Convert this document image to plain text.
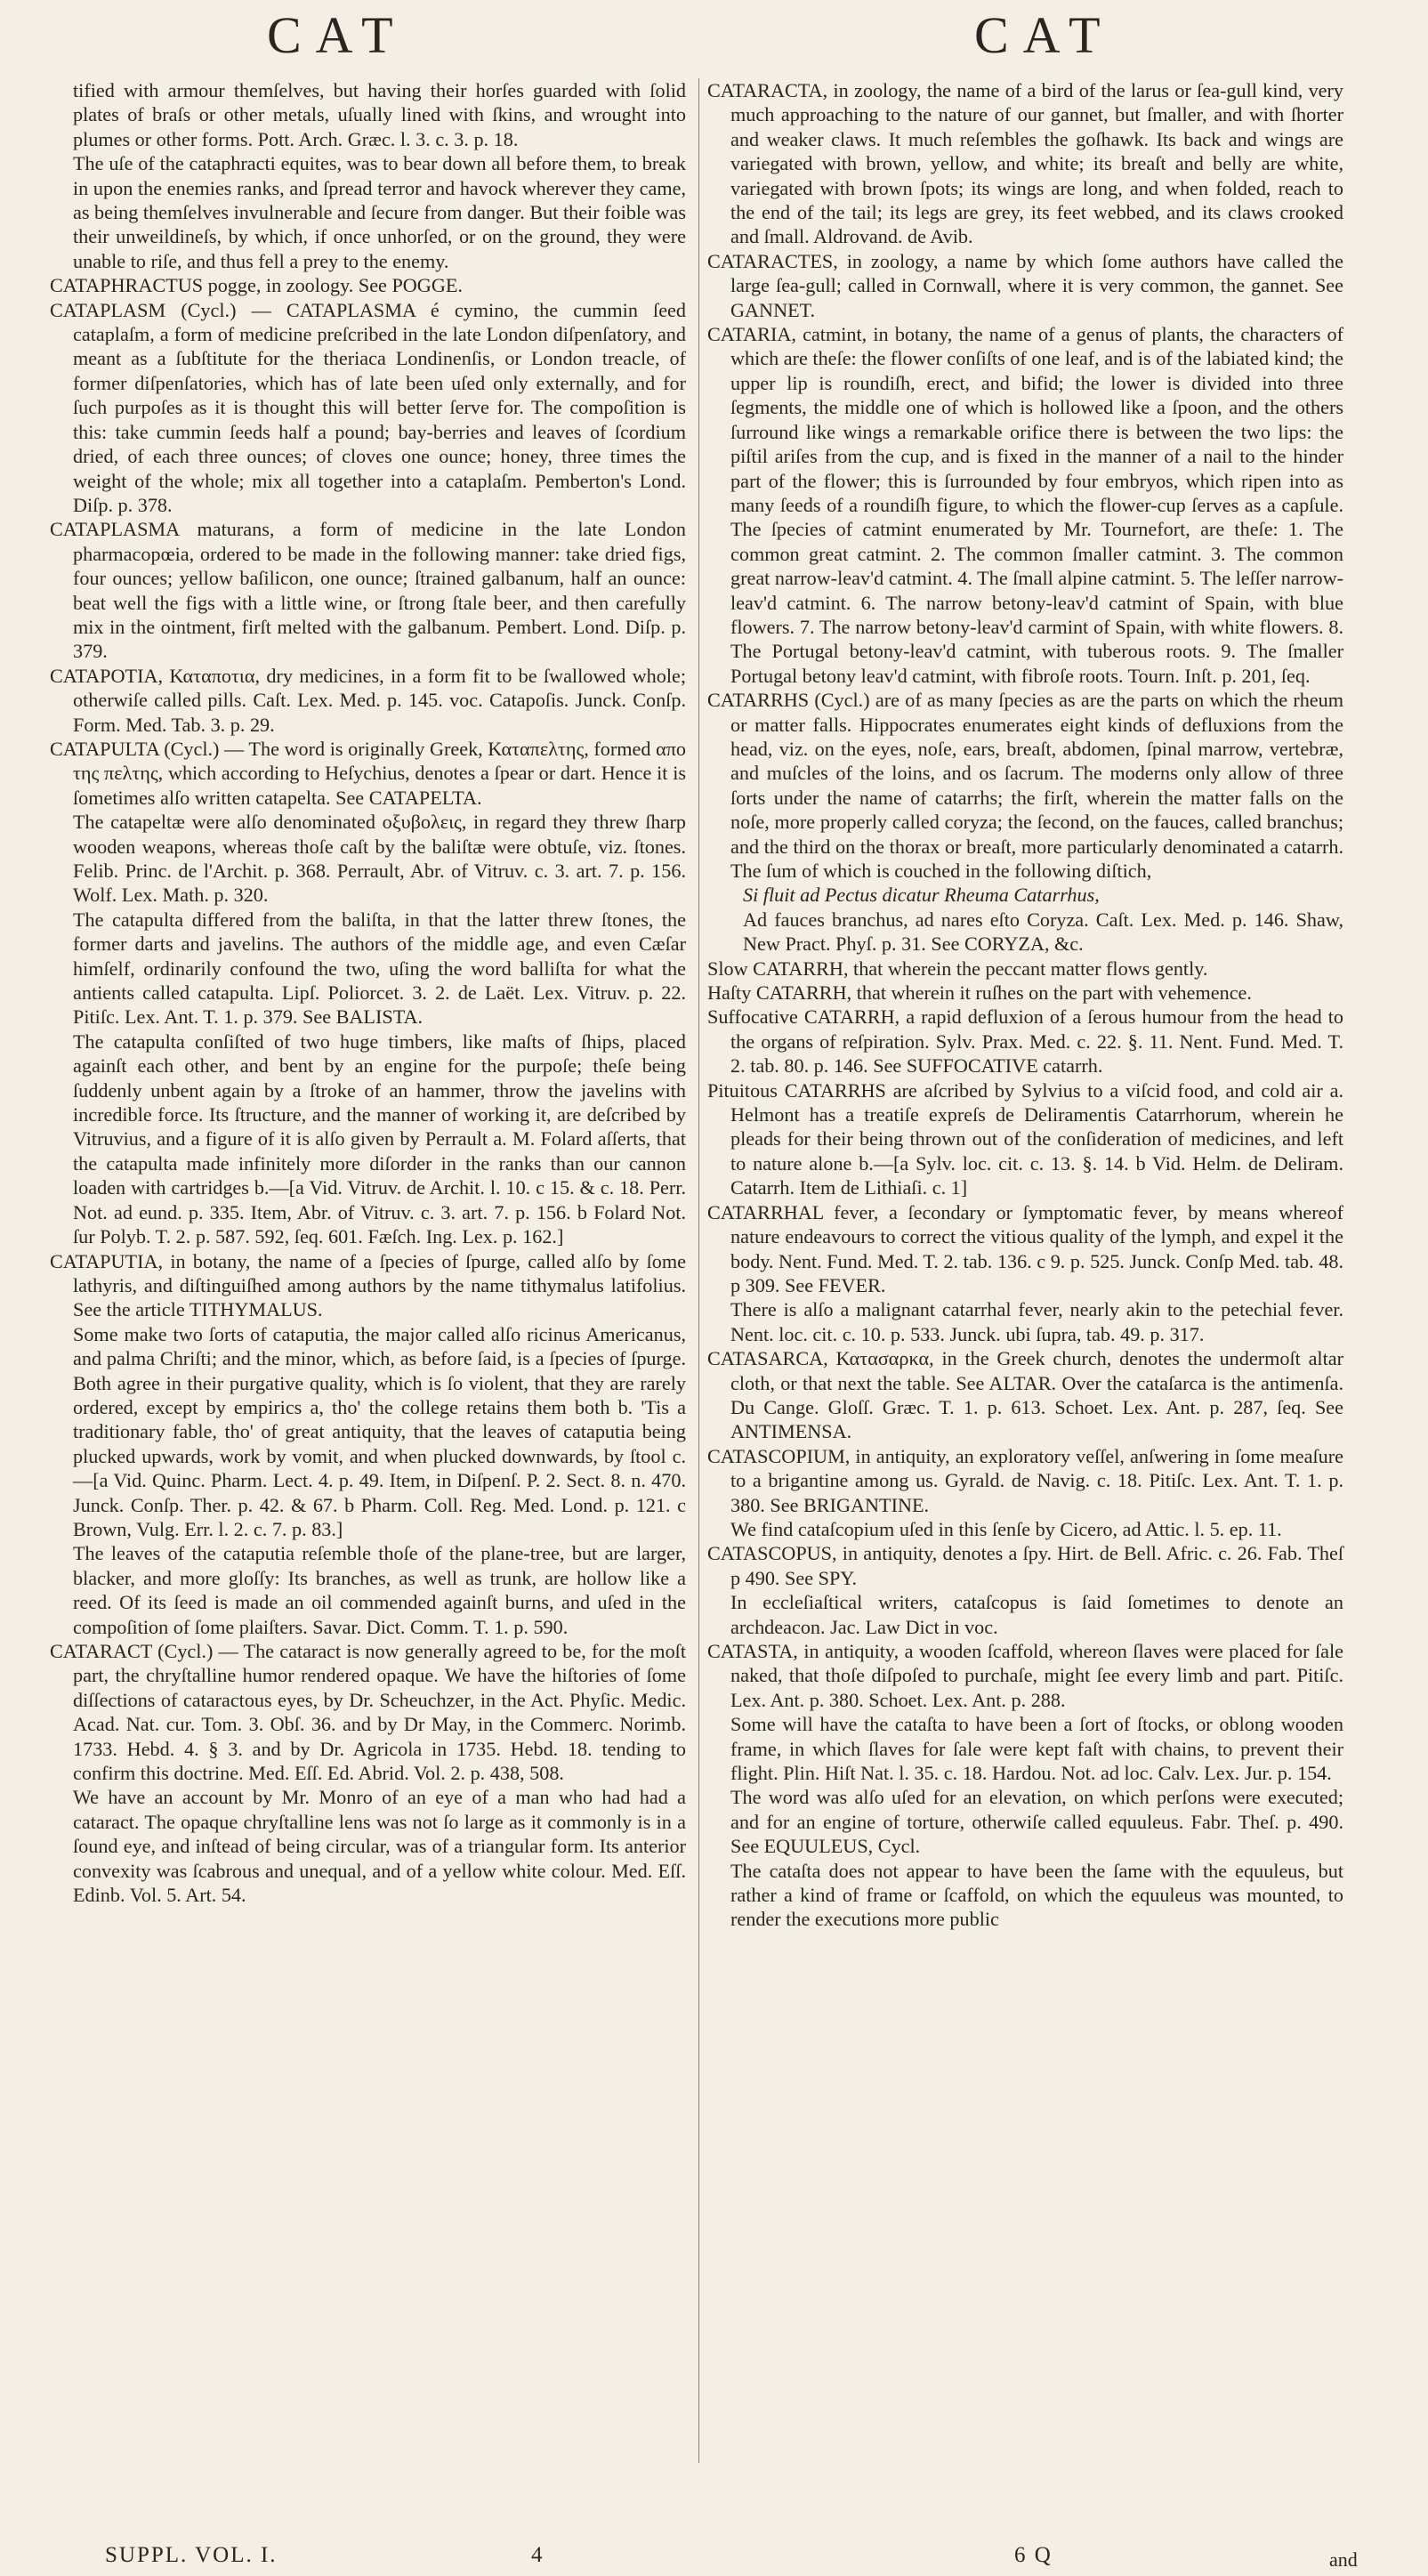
CAT	CAT

tified with armour themſelves, but having their horſes guarded with ſolid plates of braſs or other metals, uſually lined with ſkins, and wrought into plumes or other forms. Pott. Arch. Græc. l. 3. c. 3. p. 18.

The uſe of the cataphracti equites, was to bear down all before them, to break in upon the enemies ranks, and ſpread terror and havock wherever they came, as being themſelves invulnerable and ſecure from danger. But their foible was their unweildineſs, by which, if once unhorſed, or on the ground, they were unable to riſe, and thus fell a prey to the enemy.

CATAPHRACTUS pogge, in zoology. See POGGE.

CATAPLASM (Cycl.) — CATAPLASMA é cymino, the cummin ſeed cataplaſm, a form of medicine preſcribed in the late London diſpenſatory, and meant as a ſubſtitute for the theriaca Londinenſis, or London treacle, of former diſpenſatories, which has of late been uſed only externally, and for ſuch purpoſes as it is thought this will better ſerve for. The compoſition is this: take cummin ſeeds half a pound; bay-berries and leaves of ſcordium dried, of each three ounces; of cloves one ounce; honey, three times the weight of the whole; mix all together into a cataplaſm. Pemberton's Lond. Diſp. p. 378.

CATAPLASMA maturans, a form of medicine in the late London pharmacopœia, ordered to be made in the following manner: take dried figs, four ounces; yellow baſilicon, one ounce; ſtrained galbanum, half an ounce: beat well the figs with a little wine, or ſtrong ſtale beer, and then carefully mix in the ointment, firſt melted with the galbanum. Pembert. Lond. Diſp. p. 379.

CATAPOTIA, Καταποτια, dry medicines, in a form fit to be ſwallowed whole; otherwiſe called pills. Caſt. Lex. Med. p. 145. voc. Catapoſis. Junck. Conſp. Form. Med. Tab. 3. p. 29.

CATAPULTA (Cycl.) — The word is originally Greek, Καταπελτης, formed απο της πελτης, which according to Heſychius, denotes a ſpear or dart. Hence it is ſometimes alſo written catapelta. See CATAPELTA.

The catapeltæ were alſo denominated οξυβολεις, in regard they threw ſharp wooden weapons, whereas thoſe caſt by the baliſtæ were obtuſe, viz. ſtones. Felib. Princ. de l'Archit. p. 368. Perrault, Abr. of Vitruv. c. 3. art. 7. p. 156. Wolf. Lex. Math. p. 320.

The catapulta differed from the baliſta, in that the latter threw ſtones, the former darts and javelins. The authors of the middle age, and even Cæſar himſelf, ordinarily confound the two, uſing the word balliſta for what the antients called catapulta. Lipſ. Poliorcet. 3. 2. de Laët. Lex. Vitruv. p. 22. Pitiſc. Lex. Ant. T. 1. p. 379. See BALISTA.

The catapulta conſiſted of two huge timbers, like maſts of ſhips, placed againſt each other, and bent by an engine for the purpoſe; theſe being ſuddenly unbent again by a ſtroke of an hammer, throw the javelins with incredible force. Its ſtructure, and the manner of working it, are deſcribed by Vitruvius, and a figure of it is alſo given by Perrault a. M. Folard aſſerts, that the catapulta made infinitely more diſorder in the ranks than our cannon loaden with cartridges b.—[a Vid. Vitruv. de Archit. l. 10. c 15. & c. 18. Perr. Not. ad eund. p. 335. Item, Abr. of Vitruv. c. 3. art. 7. p. 156. b Folard Not. ſur Polyb. T. 2. p. 587. 592, ſeq. 601. Fæſch. Ing. Lex. p. 162.]

CATAPUTIA, in botany, the name of a ſpecies of ſpurge, called alſo by ſome lathyris, and diſtinguiſhed among authors by the name tithymalus latifolius. See the article TITHYMALUS.

Some make two ſorts of cataputia, the major called alſo ricinus Americanus, and palma Chriſti; and the minor, which, as before ſaid, is a ſpecies of ſpurge. Both agree in their purgative quality, which is ſo violent, that they are rarely ordered, except by empirics a, tho' the college retains them both b. 'Tis a traditionary fable, tho' of great antiquity, that the leaves of cataputia being plucked upwards, work by vomit, and when plucked downwards, by ſtool c.—[a Vid. Quinc. Pharm. Lect. 4. p. 49. Item, in Diſpenſ. P. 2. Sect. 8. n. 470. Junck. Conſp. Ther. p. 42. & 67. b Pharm. Coll. Reg. Med. Lond. p. 121. c Brown, Vulg. Err. l. 2. c. 7. p. 83.]

The leaves of the cataputia reſemble thoſe of the plane-tree, but are larger, blacker, and more gloſſy: Its branches, as well as trunk, are hollow like a reed. Of its ſeed is made an oil commended againſt burns, and uſed in the compoſition of ſome plaiſters. Savar. Dict. Comm. T. 1. p. 590.

CATARACT (Cycl.) — The cataract is now generally agreed to be, for the moſt part, the chryſtalline humor rendered opaque. We have the hiſtories of ſome diſſections of cataractous eyes, by Dr. Scheuchzer, in the Act. Phyſic. Medic. Acad. Nat. cur. Tom. 3. Obſ. 36. and by Dr May, in the Commerc. Norimb. 1733. Hebd. 4. § 3. and by Dr. Agricola in 1735. Hebd. 18. tending to confirm this doctrine. Med. Eſſ. Ed. Abrid. Vol. 2. p. 438, 508.

We have an account by Mr. Monro of an eye of a man who had had a cataract. The opaque chryſtalline lens was not ſo large as it commonly is in a ſound eye, and inſtead of being circular, was of a triangular form. Its anterior convexity was ſcabrous and unequal, and of a yellow white colour. Med. Eſſ. Edinb. Vol. 5. Art. 54.

CATARACTA, in zoology, the name of a bird of the larus or ſea-gull kind, very much approaching to the nature of our gannet, but ſmaller, and with ſhorter and weaker claws. It much reſembles the goſhawk. Its back and wings are variegated with brown, yellow, and white; its breaſt and belly are white, variegated with brown ſpots; its wings are long, and when folded, reach to the end of the tail; its legs are grey, its feet webbed, and its claws crooked and ſmall. Aldrovand. de Avib.

CATARACTES, in zoology, a name by which ſome authors have called the large ſea-gull; called in Cornwall, where it is very common, the gannet. See GANNET.

CATARIA, catmint, in botany, the name of a genus of plants, the characters of which are theſe: the flower conſiſts of one leaf, and is of the labiated kind; the upper lip is roundiſh, erect, and bifid; the lower is divided into three ſegments, the middle one of which is hollowed like a ſpoon, and the others ſurround like wings a remarkable orifice there is between the two lips: the piſtil ariſes from the cup, and is fixed in the manner of a nail to the hinder part of the flower; this is ſurrounded by four embryos, which ripen into as many ſeeds of a roundiſh figure, to which the flower-cup ſerves as a capſule. The ſpecies of catmint enumerated by Mr. Tournefort, are theſe: 1. The common great catmint. 2. The common ſmaller catmint. 3. The common great narrow-leav'd catmint. 4. The ſmall alpine catmint. 5. The leſſer narrow-leav'd catmint. 6. The narrow betony-leav'd catmint of Spain, with blue flowers. 7. The narrow betony-leav'd carmint of Spain, with white flowers. 8. The Portugal betony-leav'd catmint, with tuberous roots. 9. The ſmaller Portugal betony leav'd catmint, with fibroſe roots. Tourn. Inſt. p. 201, ſeq.

CATARRHS (Cycl.) are of as many ſpecies as are the parts on which the rheum or matter falls. Hippocrates enumerates eight kinds of defluxions from the head, viz. on the eyes, noſe, ears, breaſt, abdomen, ſpinal marrow, vertebræ, and muſcles of the loins, and os ſacrum. The moderns only allow of three ſorts under the name of catarrhs; the firſt, wherein the matter falls on the noſe, more properly called coryza; the ſecond, on the fauces, called branchus; and the third on the thorax or breaſt, more particularly denominated a catarrh. The ſum of which is couched in the following diſtich,

Si fluit ad Pectus dicatur Rheuma Catarrhus,

Ad fauces branchus, ad nares eſto Coryza. Caſt. Lex. Med. p. 146. Shaw, New Pract. Phyſ. p. 31. See CORYZA, &c.

Slow CATARRH, that wherein the peccant matter flows gently.

Haſty CATARRH, that wherein it ruſhes on the part with vehemence.

Suffocative CATARRH, a rapid defluxion of a ſerous humour from the head to the organs of reſpiration. Sylv. Prax. Med. c. 22. §. 11. Nent. Fund. Med. T. 2. tab. 80. p. 146. See SUFFOCATIVE catarrh.

Pituitous CATARRHS are aſcribed by Sylvius to a viſcid food, and cold air a. Helmont has a treatiſe expreſs de Deliramentis Catarrhorum, wherein he pleads for their being thrown out of the conſideration of medicines, and left to nature alone b.—[a Sylv. loc. cit. c. 13. §. 14. b Vid. Helm. de Deliram. Catarrh. Item de Lithiaſi. c. 1]

CATARRHAL fever, a ſecondary or ſymptomatic fever, by means whereof nature endeavours to correct the vitious quality of the lymph, and expel it the body. Nent. Fund. Med. T. 2. tab. 136. c 9. p. 525. Junck. Conſp Med. tab. 48. p 309. See FEVER.

There is alſo a malignant catarrhal fever, nearly akin to the petechial fever. Nent. loc. cit. c. 10. p. 533. Junck. ubi ſupra, tab. 49. p. 317.

CATASARCA, Κατασαρκα, in the Greek church, denotes the undermoſt altar cloth, or that next the table. See ALTAR. Over the cataſarca is the antimenſa. Du Cange. Gloſſ. Græc. T. 1. p. 613. Schoet. Lex. Ant. p. 287, ſeq. See ANTIMENSA.

CATASCOPIUM, in antiquity, an exploratory veſſel, anſwering in ſome meaſure to a brigantine among us. Gyrald. de Navig. c. 18. Pitiſc. Lex. Ant. T. 1. p. 380. See BRIGANTINE.

We find cataſcopium uſed in this ſenſe by Cicero, ad Attic. l. 5. ep. 11.

CATASCOPUS, in antiquity, denotes a ſpy. Hirt. de Bell. Afric. c. 26. Fab. Theſ p 490. See SPY.

In eccleſiaſtical writers, cataſcopus is ſaid ſometimes to denote an archdeacon. Jac. Law Dict in voc.

CATASTA, in antiquity, a wooden ſcaffold, whereon ſlaves were placed for ſale naked, that thoſe diſpoſed to purchaſe, might ſee every limb and part. Pitiſc. Lex. Ant. p. 380. Schoet. Lex. Ant. p. 288.

Some will have the cataſta to have been a ſort of ſtocks, or oblong wooden frame, in which ſlaves for ſale were kept faſt with chains, to prevent their flight. Plin. Hiſt Nat. l. 35. c. 18. Hardou. Not. ad loc. Calv. Lex. Jur. p. 154.

The word was alſo uſed for an elevation, on which perſons were executed; and for an engine of torture, otherwiſe called equuleus. Fabr. Theſ. p. 490. See EQUULEUS, Cycl.

The cataſta does not appear to have been the ſame with the equuleus, but rather a kind of frame or ſcaffold, on which the equuleus was mounted, to render the executions more public

SUPPL. VOL. I.	4	6 Q	and
